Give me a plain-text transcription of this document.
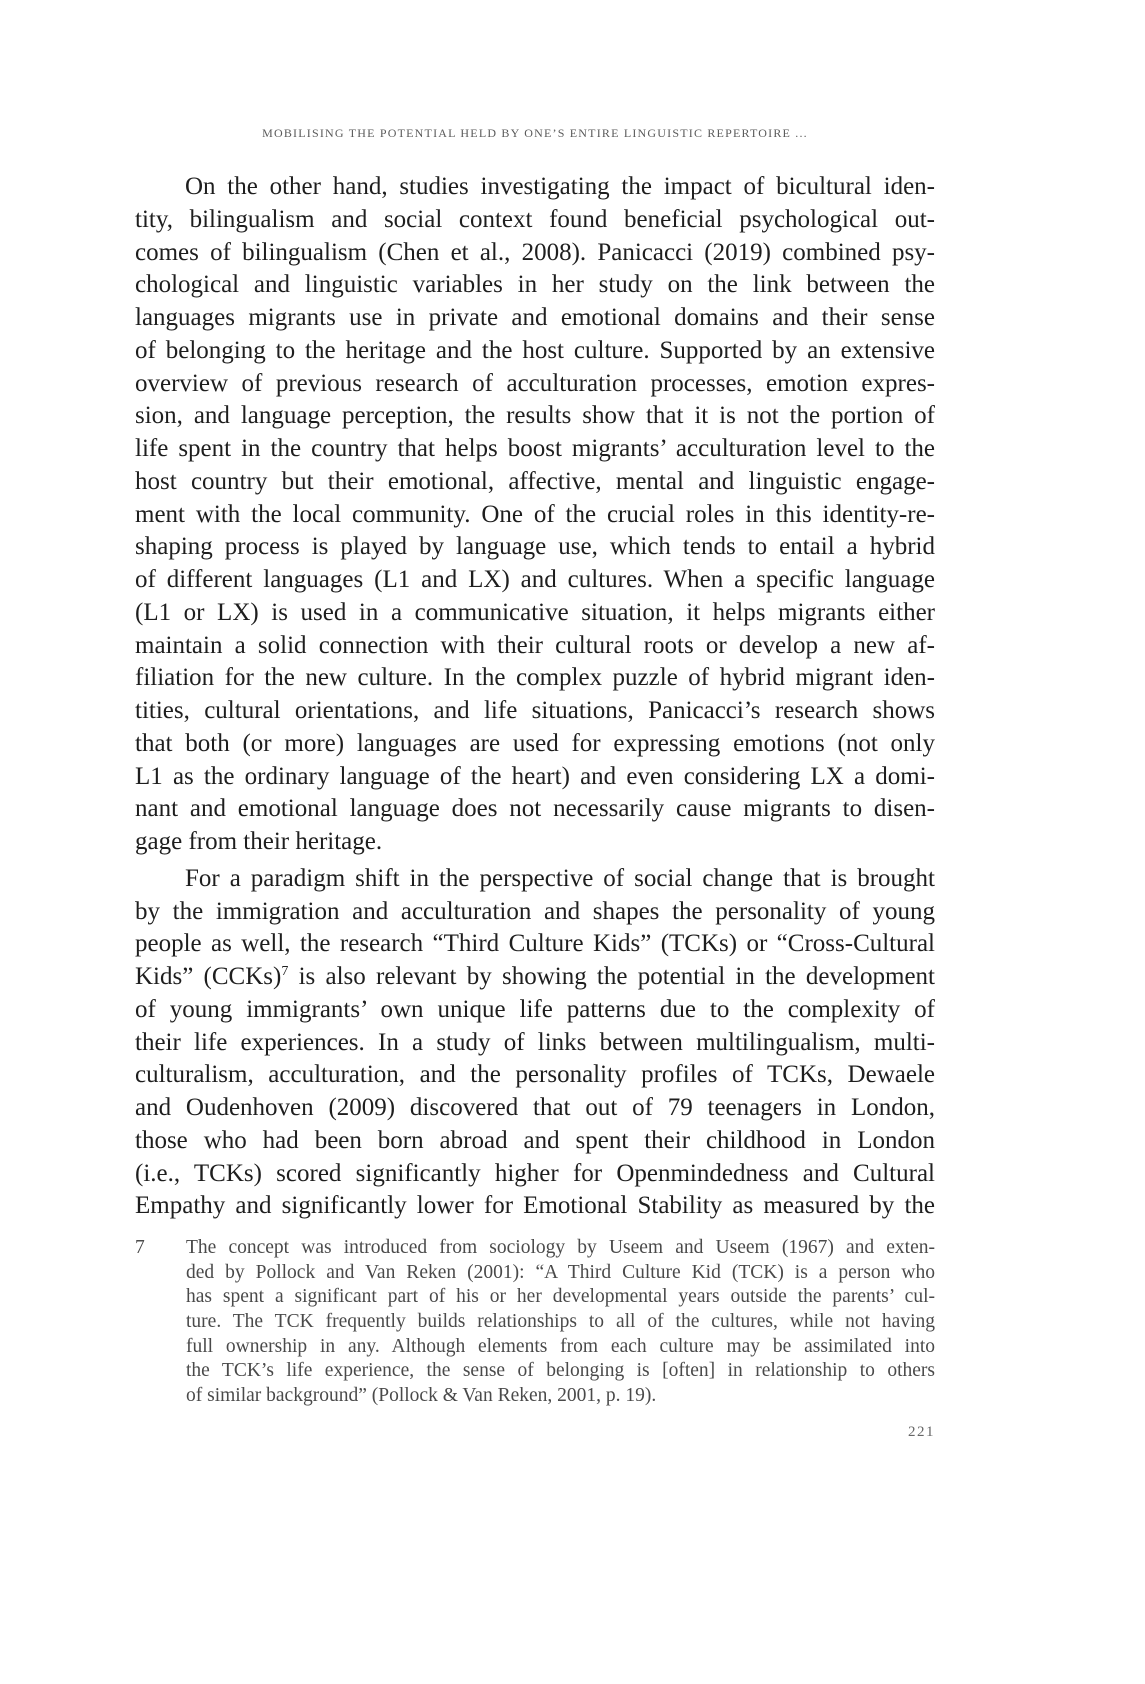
MOBILISING THE POTENTIAL HELD BY ONE’S ENTIRE LINGUISTIC REPERTOIRE ...
On the other hand, studies investigating the impact of bicultural iden-
tity, bilingualism and social context found beneficial psychological out-
comes of bilingualism (Chen et al., 2008). Panicacci (2019) combined psy-
chological and linguistic variables in her study on the link between the
languages migrants use in private and emotional domains and their sense
of belonging to the heritage and the host culture. Supported by an extensive
overview of previous research of acculturation processes, emotion expres-
sion, and language perception, the results show that it is not the portion of
life spent in the country that helps boost migrants’ acculturation level to the
host country but their emotional, affective, mental and linguistic engage-
ment with the local community. One of the crucial roles in this identity-re-
shaping process is played by language use, which tends to entail a hybrid
of different languages (L1 and LX) and cultures. When a specific language
(L1 or LX) is used in a communicative situation, it helps migrants either
maintain a solid connection with their cultural roots or develop a new af-
filiation for the new culture. In the complex puzzle of hybrid migrant iden-
tities, cultural orientations, and life situations, Panicacci’s research shows
that both (or more) languages are used for expressing emotions (not only
L1 as the ordinary language of the heart) and even considering LX a domi-
nant and emotional language does not necessarily cause migrants to disen-
gage from their heritage.
For a paradigm shift in the perspective of social change that is brought
by the immigration and acculturation and shapes the personality of young
people as well, the research “Third Culture Kids” (TCKs) or “Cross-Cultural
Kids” (CCKs)$^7$ is also relevant by showing the potential in the development
of young immigrants’ own unique life patterns due to the complexity of
their life experiences. In a study of links between multilingualism, multi-
culturalism, acculturation, and the personality profiles of TCKs, Dewaele
and Oudenhoven (2009) discovered that out of 79 teenagers in London,
those who had been born abroad and spent their childhood in London
(i.e., TCKs) scored significantly higher for Openmindedness and Cultural
Empathy and significantly lower for Emotional Stability as measured by the
7 The concept was introduced from sociology by Useem and Useem (1967) and exten-
ded by Pollock and Van Reken (2001): “A Third Culture Kid (TCK) is a person who
has spent a significant part of his or her developmental years outside the parents’ cul-
ture. The TCK frequently builds relationships to all of the cultures, while not having
full ownership in any. Although elements from each culture may be assimilated into
the TCK’s life experience, the sense of belonging is [often] in relationship to others
of similar background” (Pollock & Van Reken, 2001, p. 19).
221
